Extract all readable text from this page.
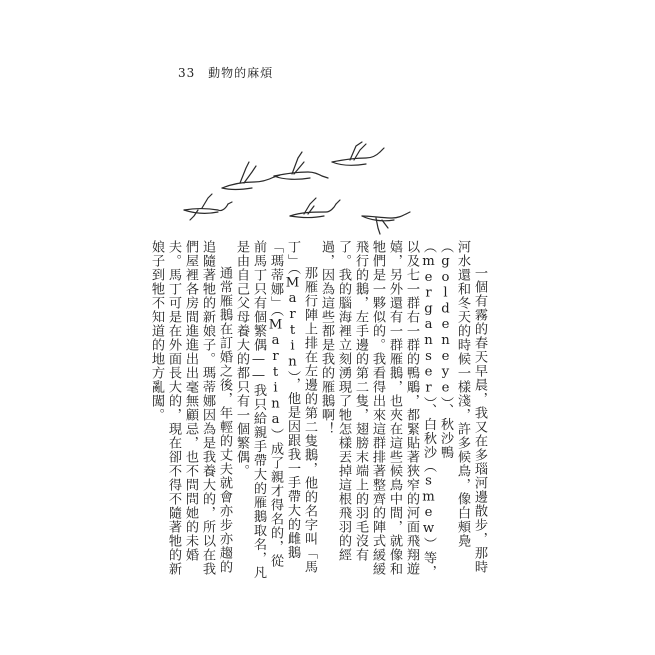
33 動物的麻煩

一個有霧的春天早晨，我又在多瑙河邊散步，那時河水還和冬天的時候一樣淺，許多候鳥，像白頰鳧（goldeneye）、秋沙鴨（merganser）、白秋沙（smew）等，以及七一群右一群的鴨鵰，都緊貼著狹窄的河面飛翔遊嬉，另外還有一群雁鵝，也夾在這些候鳥中間，就像和牠們是一夥似的。我看得出來這群排著整齊的陣式緩緩飛行的鵝，左手邊的第二隻，翅膀末端上的羽毛沒有了。我的腦海裡立刻湧現了牠怎樣丟掉這根飛羽的經過，因為這些都是我的雁鵝啊！

那雁行陣上排在左邊的第二隻鵝，他的名字叫「馬丁」（Martin），他是因跟我一手帶大的雌鵝「瑪蒂娜」（Martina）成了親才得名的，從前馬丁只有個繁偶——我只給親手帶大的雁鵝取名，凡是由自己父母養大的都只有一個繁偶。

通常雁鵝在訂婚之後，年輕的丈夫就會亦步亦趨的追隨著牠的新娘子。瑪蒂娜因為是我養大的，所以在我們屋裡各房間進進出出毫無顧忌，也不問問她的未婚夫。馬丁可是在外面長大的，現在卻不得不隨著牠的新娘子到牠不知道的地方亂闖。
